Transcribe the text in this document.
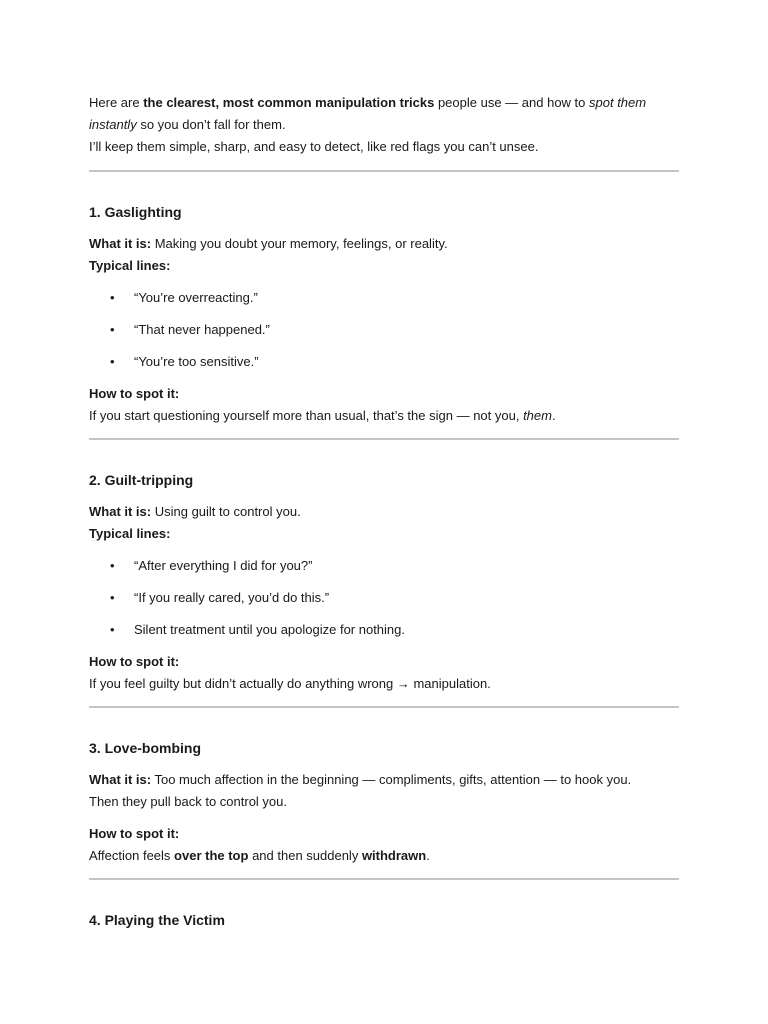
Here are the clearest, most common manipulation tricks people use — and how to spot them instantly so you don’t fall for them.
I’ll keep them simple, sharp, and easy to detect, like red flags you can’t unsee.

1. Gaslighting

What it is: Making you doubt your memory, feelings, or reality.
Typical lines:

• “You’re overreacting.”
• “That never happened.”
• “You’re too sensitive.”

How to spot it:
If you start questioning yourself more than usual, that’s the sign — not you, them.

2. Guilt-tripping

What it is: Using guilt to control you.
Typical lines:

• “After everything I did for you?”
• “If you really cared, you’d do this.”
• Silent treatment until you apologize for nothing.

How to spot it:
If you feel guilty but didn’t actually do anything wrong → manipulation.

3. Love-bombing

What it is: Too much affection in the beginning — compliments, gifts, attention — to hook you.
Then they pull back to control you.

How to spot it:
Affection feels over the top and then suddenly withdrawn.

4. Playing the Victim
